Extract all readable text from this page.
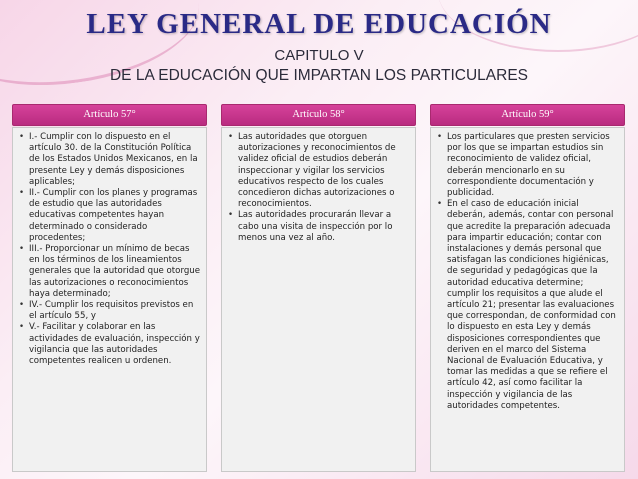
LEY GENERAL DE EDUCACIÓN
CAPITULO V
DE LA EDUCACIÓN QUE IMPARTAN LOS PARTICULARES
Artículo 57°
• I.- Cumplir con lo dispuesto en el artículo 30. de la Constitución Política de los Estados Unidos Mexicanos, en la presente Ley y demás disposiciones aplicables;
• II.- Cumplir con los planes y programas de estudio que las autoridades educativas competentes hayan determinado o considerado procedentes;
• III.- Proporcionar un mínimo de becas en los términos de los lineamientos generales que la autoridad que otorgue las autorizaciones o reconocimientos haya determinado;
• IV.- Cumplir los requisitos previstos en el artículo 55, y
• V.- Facilitar y colaborar en las actividades de evaluación, inspección y vigilancia que las autoridades competentes realicen u ordenen.
Artículo 58°
• Las autoridades que otorguen autorizaciones y reconocimientos de validez oficial de estudios deberán inspeccionar y vigilar los servicios educativos respecto de los cuales concedieron dichas autorizaciones o reconocimientos.
• Las autoridades procurarán llevar a cabo una visita de inspección por lo menos una vez al año.
Artículo 59°
• Los particulares que presten servicios por los que se impartan estudios sin reconocimiento de validez oficial, deberán mencionarlo en su correspondiente documentación y publicidad.
• En el caso de educación inicial deberán, además, contar con personal que acredite la preparación adecuada para impartir educación; contar con instalaciones y demás personal que satisfagan las condiciones higiénicas, de seguridad y pedagógicas que la autoridad educativa determine; cumplir los requisitos a que alude el artículo 21; presentar las evaluaciones que correspondan, de conformidad con lo dispuesto en esta Ley y demás disposiciones correspondientes que deriven en el marco del Sistema Nacional de Evaluación Educativa, y tomar las medidas a que se refiere el artículo 42, así como facilitar la inspección y vigilancia de las autoridades competentes.
